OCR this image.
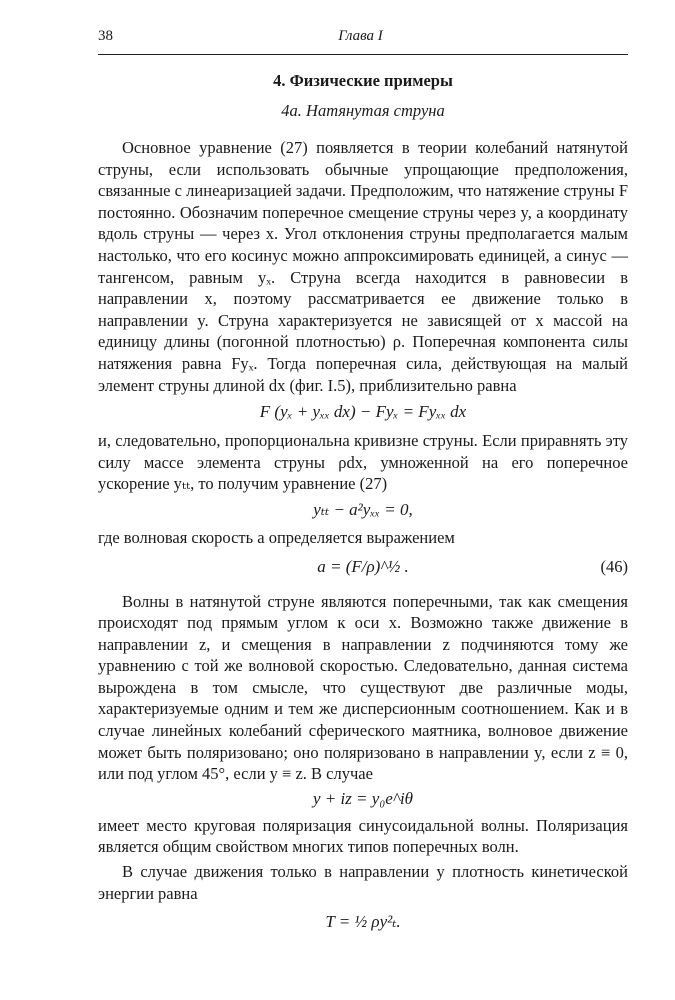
38	Глава I
4. Физические примеры
4а. Натянутая струна

Основное уравнение (27) появляется в теории колебаний натянутой струны, если использовать обычные упрощающие предположения, связанные с линеаризацией задачи. Предположим, что натяжение струны F постоянно. Обозначим поперечное смещение струны через y, а координату вдоль струны — через x. Угол отклонения струны предполагается малым настолько, что его косинус можно аппроксимировать единицей, а синус — тангенсом, равным yₓ. Струна всегда находится в равновесии в направлении x, поэтому рассматривается ее движение только в направлении y. Струна характеризуется не зависящей от x массой на единицу длины (погонной плотностью) ρ. Поперечная компонента силы натяжения равна Fyₓ. Тогда поперечная сила, действующая на малый элемент струны длиной dx (фиг. I.5), приблизительно равна

F (yₓ + yₓₓ dx) − Fyₓ = Fyₓₓ dx

и, следовательно, пропорциональна кривизне струны. Если приравнять эту силу массе элемента струны ρdx, умноженной на его поперечное ускорение yₜₜ, то получим уравнение (27)

yₜₜ − a²yₓₓ = 0,

где волновая скорость a определяется выражением

a = (F/ρ)^½ .	(46)

Волны в натянутой струне являются поперечными, так как смещения происходят под прямым углом к оси x. Возможно также движение в направлении z, и смещения в направлении z подчиняются тому же уравнению с той же волновой скоростью. Следовательно, данная система вырождена в том смысле, что существуют две различные моды, характеризуемые одним и тем же дисперсионным соотношением. Как и в случае линейных колебаний сферического маятника, волновое движение может быть поляризовано; оно поляризовано в направлении y, если z ≡ 0, или под углом 45°, если y ≡ z. В случае

y + iz = y₀e^iθ

имеет место круговая поляризация синусоидальной волны. Поляризация является общим свойством многих типов поперечных волн.

В случае движения только в направлении y плотность кинетической энергии равна

T = ½ ρy²ₜ.
